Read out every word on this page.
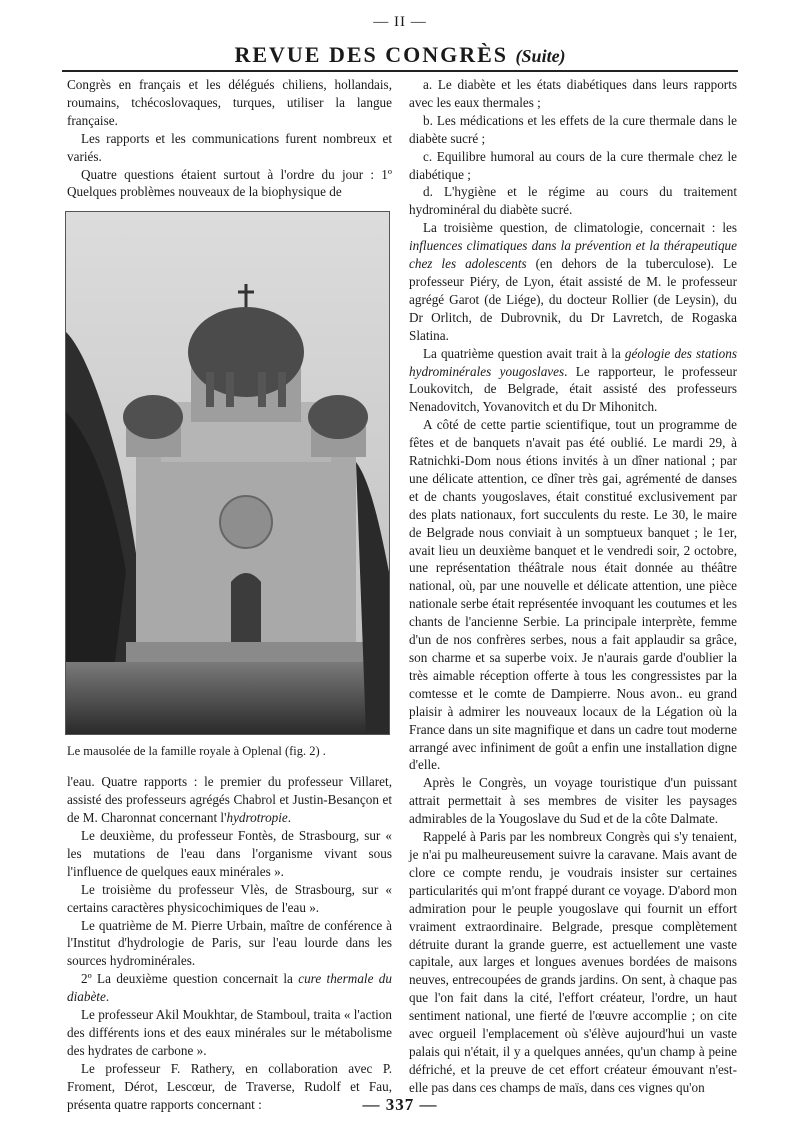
— II —
REVUE DES CONGRÈS (Suite)

Congrès en français et les délégués chiliens, hollandais, roumains, tchécoslovaques, turques, utiliser la langue française.

Les rapports et les communications furent nombreux et variés.

Quatre questions étaient surtout à l'ordre du jour : 1º Quelques problèmes nouveaux de la biophysique de

Le mausolée de la famille royale à Oplenal (fig. 2) .

l'eau. Quatre rapports : le premier du professeur Villaret, assisté des professeurs agrégés Chabrol et Justin-Besançon et de M. Charonnat concernant l'hydrotropie.

Le deuxième, du professeur Fontès, de Strasbourg, sur « les mutations de l'eau dans l'organisme vivant sous l'influence de quelques eaux minérales ».

Le troisième du professeur Vlès, de Strasbourg, sur « certains caractères physicochimiques de l'eau ».

Le quatrième de M. Pierre Urbain, maître de conférence à l'Institut d'hydrologie de Paris, sur l'eau lourde dans les sources hydrominérales.

2º La deuxième question concernait la cure thermale du diabète.

Le professeur Akil Moukhtar, de Stamboul, traita « l'action des différents ions et des eaux minérales sur le métabolisme des hydrates de carbone ».

Le professeur F. Rathery, en collaboration avec P. Froment, Dérot, Lescœur, de Traverse, Rudolf et Fau, présenta quatre rapports concernant :

a. Le diabète et les états diabétiques dans leurs rapports avec les eaux thermales ;

b. Les médications et les effets de la cure thermale dans le diabète sucré ;

c. Equilibre humoral au cours de la cure thermale chez le diabétique ;

d. L'hygiène et le régime au cours du traitement hydrominéral du diabète sucré.

La troisième question, de climatologie, concernait : les influences climatiques dans la prévention et la thérapeutique chez les adolescents (en dehors de la tuberculose). Le professeur Piéry, de Lyon, était assisté de M. le professeur agrégé Garot (de Liége), du docteur Rollier (de Leysin), du Dr Orlitch, de Dubrovnik, du Dr Lavretch, de Rogaska Slatina.

La quatrième question avait trait à la géologie des stations hydrominérales yougoslaves. Le rapporteur, le professeur Loukovitch, de Belgrade, était assisté des professeurs Nenadovitch, Yovanovitch et du Dr Mihonitch.

A côté de cette partie scientifique, tout un programme de fêtes et de banquets n'avait pas été oublié. Le mardi 29, à Ratnichki-Dom nous étions invités à un dîner national ; par une délicate attention, ce dîner très gai, agrémenté de danses et de chants yougoslaves, était constitué exclusivement par des plats nationaux, fort succulents du reste. Le 30, le maire de Belgrade nous conviait à un somptueux banquet ; le 1er, avait lieu un deuxième banquet et le vendredi soir, 2 octobre, une représentation théâtrale nous était donnée au théâtre national, où, par une nouvelle et délicate attention, une pièce nationale serbe était représentée invoquant les coutumes et les chants de l'ancienne Serbie. La principale interprète, femme d'un de nos confrères serbes, nous a fait applaudir sa grâce, son charme et sa superbe voix. Je n'aurais garde d'oublier la très aimable réception offerte à tous les congressistes par la comtesse et le comte de Dampierre. Nous avon.. eu grand plaisir à admirer les nouveaux locaux de la Légation où la France dans un site magnifique et dans un cadre tout moderne arrangé avec infiniment de goût a enfin une installation digne d'elle.

Après le Congrès, un voyage touristique d'un puissant attrait permettait à ses membres de visiter les paysages admirables de la Yougoslave du Sud et de la côte Dalmate.

Rappelé à Paris par les nombreux Congrès qui s'y tenaient, je n'ai pu malheureusement suivre la caravane. Mais avant de clore ce compte rendu, je voudrais insister sur certaines particularités qui m'ont frappé durant ce voyage. D'abord mon admiration pour le peuple yougoslave qui fournit un effort vraiment extraordinaire. Belgrade, presque complètement détruite durant la grande guerre, est actuellement une vaste capitale, aux larges et longues avenues bordées de maisons neuves, entrecoupées de grands jardins. On sent, à chaque pas que l'on fait dans la cité, l'effort créateur, l'ordre, un haut sentiment national, une fierté de l'œuvre accomplie ; on cite avec orgueil l'emplacement où s'élève aujourd'hui un vaste palais qui n'était, il y a quelques années, qu'un champ à peine défriché, et la preuve de cet effort créateur émouvant n'est-elle pas dans ces champs de maïs, dans ces vignes qu'on

— 337 —
